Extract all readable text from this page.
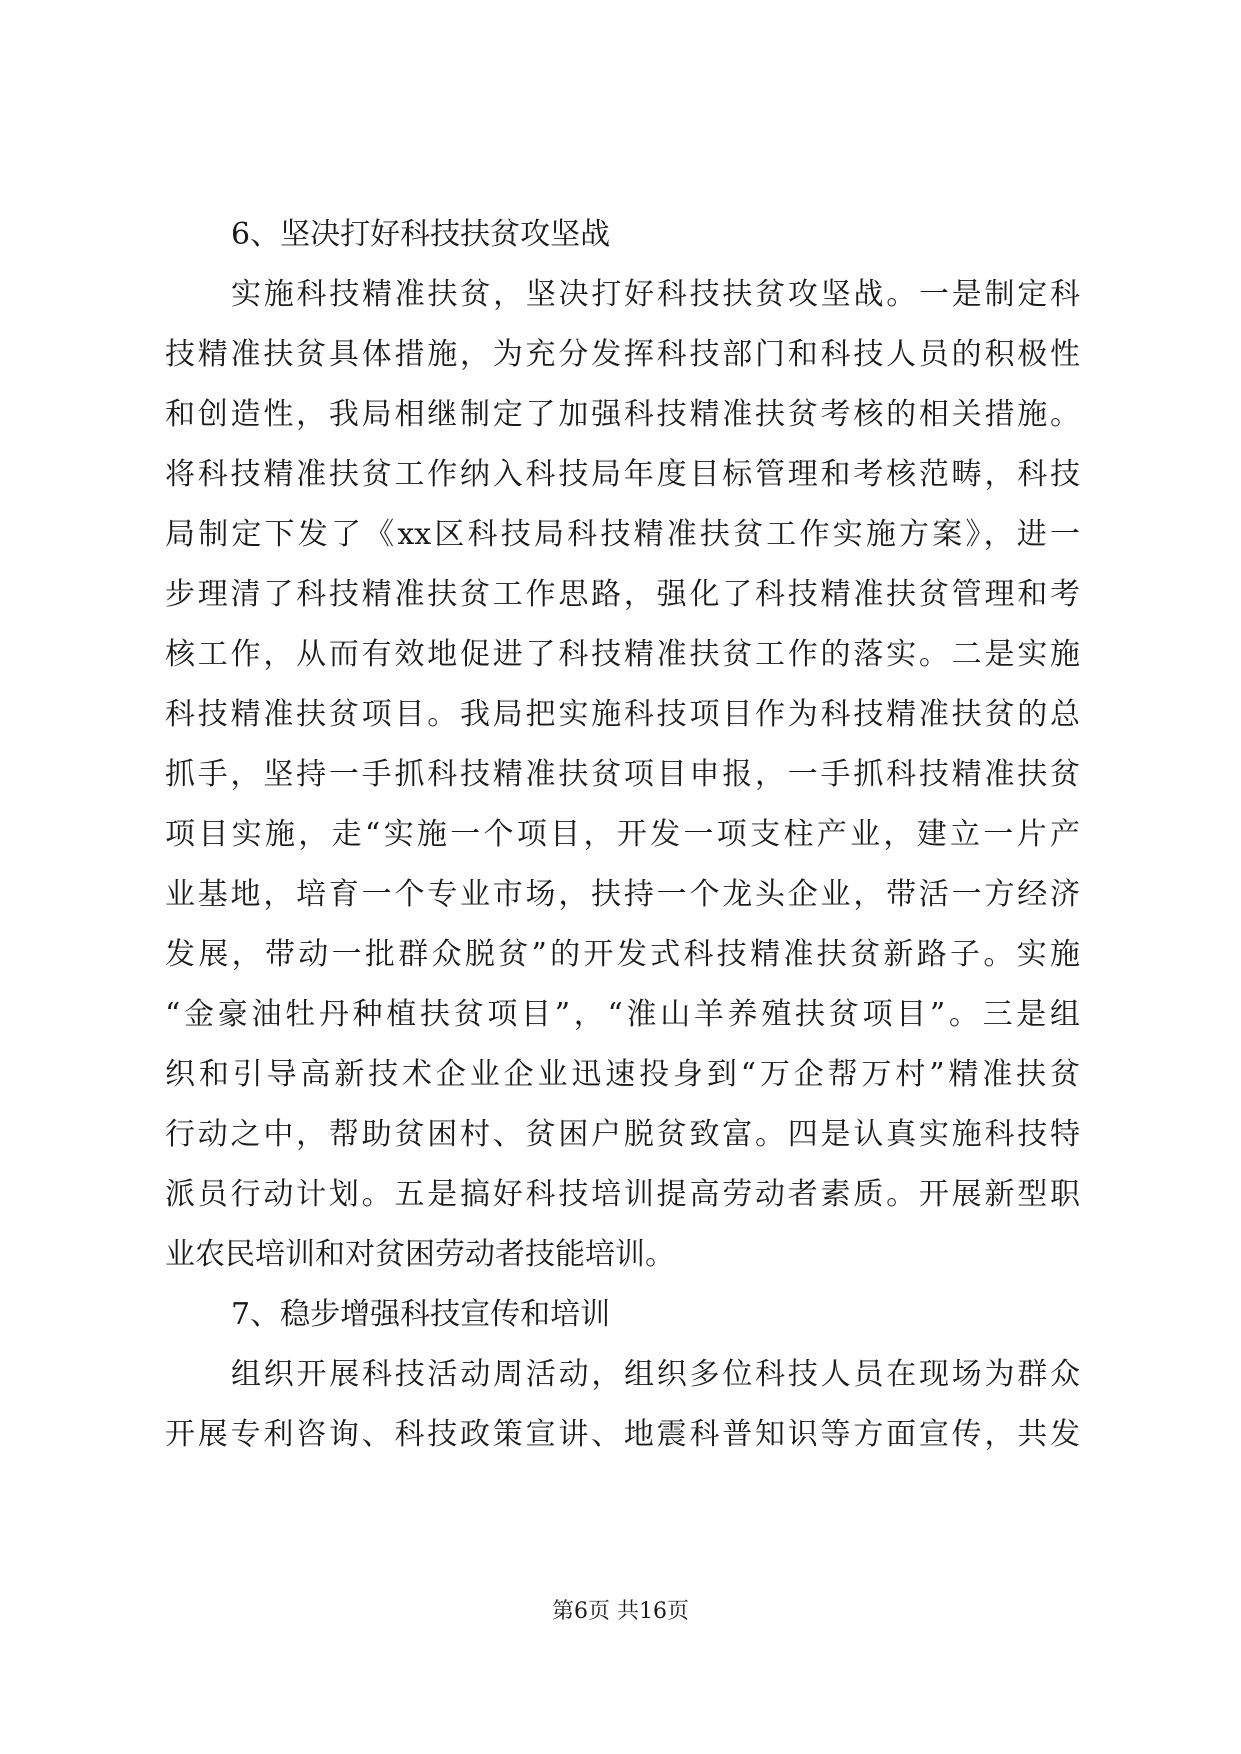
6、坚决打好科技扶贫攻坚战
实施科技精准扶贫，坚决打好科技扶贫攻坚战。一是制定科
技精准扶贫具体措施，为充分发挥科技部门和科技人员的积极性
和创造性，我局相继制定了加强科技精准扶贫考核的相关措施。
将科技精准扶贫工作纳入科技局年度目标管理和考核范畴，科技
局制定下发了《xx区科技局科技精准扶贫工作实施方案》，进一
步理清了科技精准扶贫工作思路，强化了科技精准扶贫管理和考
核工作，从而有效地促进了科技精准扶贫工作的落实。二是实施
科技精准扶贫项目。我局把实施科技项目作为科技精准扶贫的总
抓手，坚持一手抓科技精准扶贫项目申报，一手抓科技精准扶贫
项目实施，走“实施一个项目，开发一项支柱产业，建立一片产
业基地，培育一个专业市场，扶持一个龙头企业，带活一方经济
发展，带动一批群众脱贫”的开发式科技精准扶贫新路子。实施
“金豪油牡丹种植扶贫项目”，“淮山羊养殖扶贫项目”。三是组
织和引导高新技术企业企业迅速投身到“万企帮万村”精准扶贫
行动之中，帮助贫困村、贫困户脱贫致富。四是认真实施科技特
派员行动计划。五是搞好科技培训提高劳动者素质。开展新型职
业农民培训和对贫困劳动者技能培训。
7、稳步增强科技宣传和培训
组织开展科技活动周活动，组织多位科技人员在现场为群众
开展专利咨询、科技政策宣讲、地震科普知识等方面宣传，共发
第6页 共16页
